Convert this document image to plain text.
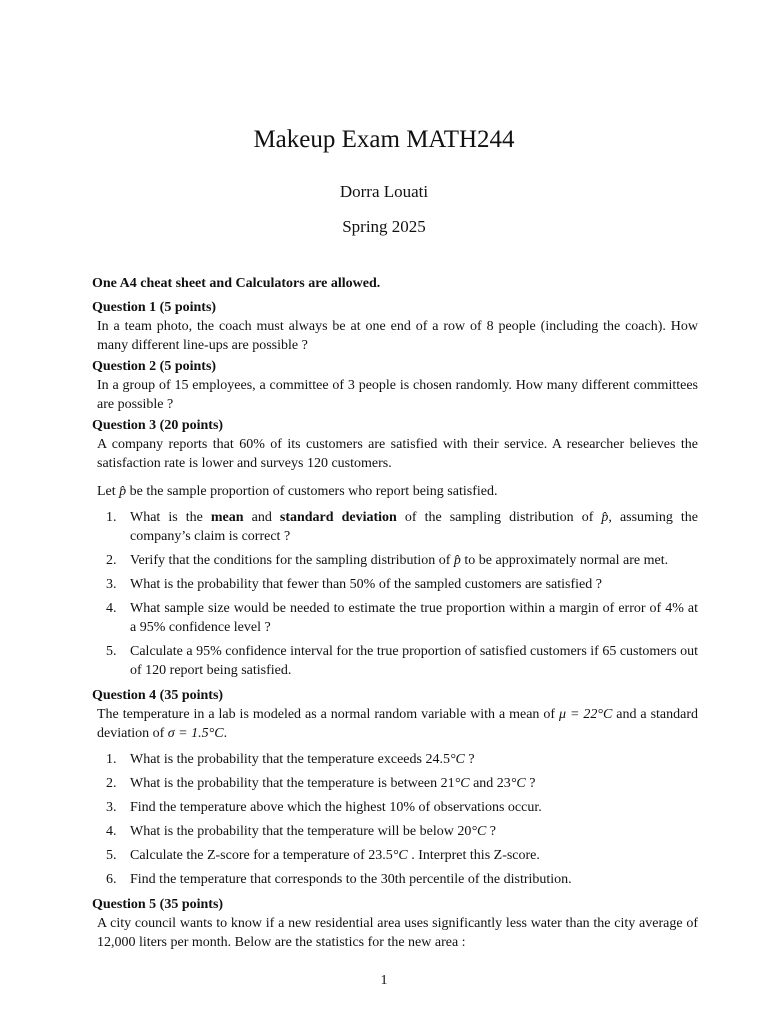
Makeup Exam MATH244
Dorra Louati
Spring 2025

One A4 cheat sheet and Calculators are allowed.

Question 1 (5 points)

In a team photo, the coach must always be at one end of a row of 8 people (including the coach). How many different line-ups are possible ?

Question 2 (5 points)

In a group of 15 employees, a committee of 3 people is chosen randomly. How many different committees are possible ?

Question 3 (20 points)

A company reports that 60% of its customers are satisfied with their service. A researcher believes the satisfaction rate is lower and surveys 120 customers.

Let p̂ be the sample proportion of customers who report being satisfied.

1. What is the mean and standard deviation of the sampling distribution of p̂, assuming the company’s claim is correct ?
2. Verify that the conditions for the sampling distribution of p̂ to be approximately normal are met.
3. What is the probability that fewer than 50% of the sampled customers are satisfied ?
4. What sample size would be needed to estimate the true proportion within a margin of error of 4% at a 95% confidence level ?
5. Calculate a 95% confidence interval for the true proportion of satisfied customers if 65 customers out of 120 report being satisfied.

Question 4 (35 points)

The temperature in a lab is modeled as a normal random variable with a mean of μ = 22°C and a standard deviation of σ = 1.5°C.

1. What is the probability that the temperature exceeds 24.5°C ?
2. What is the probability that the temperature is between 21°C and 23°C ?
3. Find the temperature above which the highest 10% of observations occur.
4. What is the probability that the temperature will be below 20°C ?
5. Calculate the Z-score for a temperature of 23.5°C . Interpret this Z-score.
6. Find the temperature that corresponds to the 30th percentile of the distribution.

Question 5 (35 points)

A city council wants to know if a new residential area uses significantly less water than the city average of 12,000 liters per month. Below are the statistics for the new area :

1
